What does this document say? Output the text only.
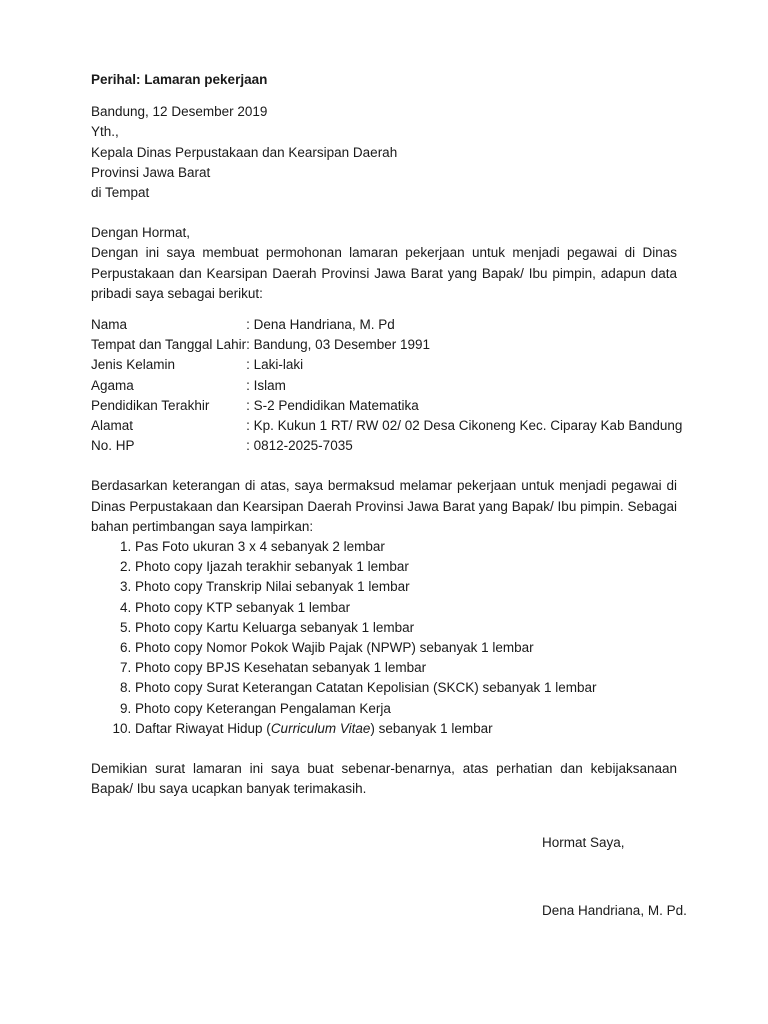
Perihal: Lamaran pekerjaan
Bandung, 12 Desember 2019
Yth.,
Kepala Dinas Perpustakaan dan Kearsipan Daerah
Provinsi Jawa Barat
di Tempat
Dengan Hormat,
Dengan ini saya membuat permohonan lamaran pekerjaan untuk menjadi pegawai di Dinas Perpustakaan dan Kearsipan Daerah Provinsi Jawa Barat yang Bapak/ Ibu pimpin, adapun data pribadi saya sebagai berikut:
Nama	: Dena Handriana, M. Pd
Tempat dan Tanggal Lahir	: Bandung, 03 Desember 1991
Jenis Kelamin	: Laki-laki
Agama	: Islam
Pendidikan Terakhir	: S-2 Pendidikan Matematika
Alamat	: Kp. Kukun 1 RT/ RW 02/ 02 Desa Cikoneng Kec. Ciparay Kab Bandung
No. HP	: 0812-2025-7035
Berdasarkan keterangan di atas, saya bermaksud melamar pekerjaan untuk menjadi pegawai di Dinas Perpustakaan dan Kearsipan Daerah Provinsi Jawa Barat yang Bapak/ Ibu pimpin. Sebagai bahan pertimbangan saya lampirkan:
1. Pas Foto ukuran 3 x 4 sebanyak 2 lembar
2. Photo copy Ijazah terakhir sebanyak 1 lembar
3. Photo copy Transkrip Nilai sebanyak 1 lembar
4. Photo copy KTP sebanyak 1 lembar
5. Photo copy Kartu Keluarga sebanyak 1 lembar
6. Photo copy Nomor Pokok Wajib Pajak (NPWP) sebanyak 1 lembar
7. Photo copy BPJS Kesehatan sebanyak 1 lembar
8. Photo copy Surat Keterangan Catatan Kepolisian (SKCK) sebanyak 1 lembar
9. Photo copy Keterangan Pengalaman Kerja
10. Daftar Riwayat Hidup (Curriculum Vitae) sebanyak 1 lembar
Demikian surat lamaran ini saya buat sebenar-benarnya, atas perhatian dan kebijaksanaan Bapak/ Ibu saya ucapkan banyak terimakasih.
Hormat Saya,
Dena Handriana, M. Pd.
